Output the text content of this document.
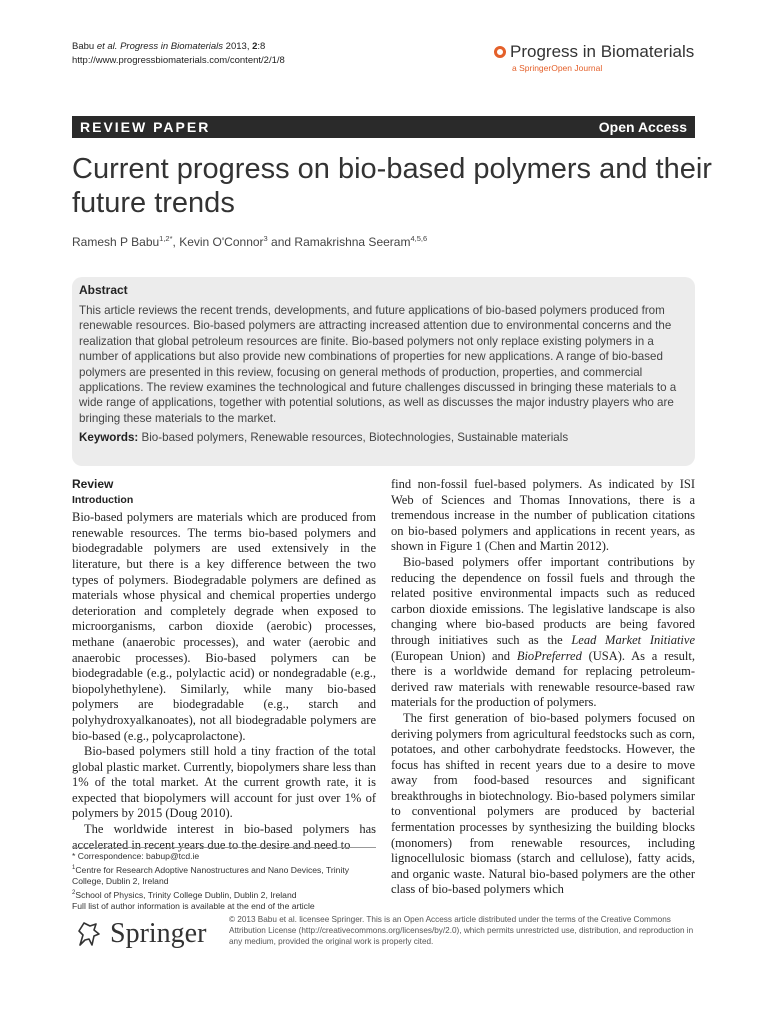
Babu et al. Progress in Biomaterials 2013, 2:8
http://www.progressbiomaterials.com/content/2/1/8	Progress in Biomaterials
a SpringerOpen Journal
REVIEW PAPER	Open Access
Current progress on bio-based polymers and their future trends
Ramesh P Babu$^{1,2*}$, Kevin O'Connor$^3$ and Ramakrishna Seeram$^{4,5,6}$
Abstract
This article reviews the recent trends, developments, and future applications of bio-based polymers produced from renewable resources. Bio-based polymers are attracting increased attention due to environmental concerns and the realization that global petroleum resources are finite. Bio-based polymers not only replace existing polymers in a number of applications but also provide new combinations of properties for new applications. A range of bio-based polymers are presented in this review, focusing on general methods of production, properties, and commercial applications. The review examines the technological and future challenges discussed in bringing these materials to a wide range of applications, together with potential solutions, as well as discusses the major industry players who are bringing these materials to the market.
Keywords: Bio-based polymers, Renewable resources, Biotechnologies, Sustainable materials
Review
Introduction

Bio-based polymers are materials which are produced from renewable resources. The terms bio-based polymers and biodegradable polymers are used extensively in the literature, but there is a key difference between the two types of polymers. Biodegradable polymers are defined as materials whose physical and chemical properties undergo deterioration and completely degrade when exposed to microorganisms, carbon dioxide (aerobic) processes, methane (anaerobic processes), and water (aerobic and anaerobic processes). Bio-based polymers can be biodegradable (e.g., polylactic acid) or nondegradable (e.g., biopolyhethylene). Similarly, while many bio-based polymers are biodegradable (e.g., starch and polyhydroxyalkanoates), not all biodegradable polymers are bio-based (e.g., polycaprolactone).

Bio-based polymers still hold a tiny fraction of the total global plastic market. Currently, biopolymers share less than 1% of the total market. At the current growth rate, it is expected that biopolymers will account for just over 1% of polymers by 2015 (Doug 2010).

The worldwide interest in bio-based polymers has accelerated in recent years due to the desire and need to

find non-fossil fuel-based polymers. As indicated by ISI Web of Sciences and Thomas Innovations, there is a tremendous increase in the number of publication citations on bio-based polymers and applications in recent years, as shown in Figure 1 (Chen and Martin 2012).

Bio-based polymers offer important contributions by reducing the dependence on fossil fuels and through the related positive environmental impacts such as reduced carbon dioxide emissions. The legislative landscape is also changing where bio-based products are being favored through initiatives such as the Lead Market Initiative (European Union) and BioPreferred (USA). As a result, there is a worldwide demand for replacing petroleum-derived raw materials with renewable resource-based raw materials for the production of polymers.

The first generation of bio-based polymers focused on deriving polymers from agricultural feedstocks such as corn, potatoes, and other carbohydrate feedstocks. However, the focus has shifted in recent years due to a desire to move away from food-based resources and significant breakthroughs in biotechnology. Bio-based polymers similar to conventional polymers are produced by bacterial fermentation processes by synthesizing the building blocks (monomers) from renewable resources, including lignocellulosic biomass (starch and cellulose), fatty acids, and organic waste. Natural bio-based polymers are the other class of bio-based polymers which

* Correspondence: babup@tcd.ie
$^1$Centre for Research Adoptive Nanostructures and Nano Devices, Trinity College, Dublin 2, Ireland
$^2$School of Physics, Trinity College Dublin, Dublin 2, Ireland
Full list of author information is available at the end of the article
Springer	© 2013 Babu et al. licensee Springer. This is an Open Access article distributed under the terms of the Creative Commons Attribution License (http://creativecommons.org/licenses/by/2.0), which permits unrestricted use, distribution, and reproduction in any medium, provided the original work is properly cited.
